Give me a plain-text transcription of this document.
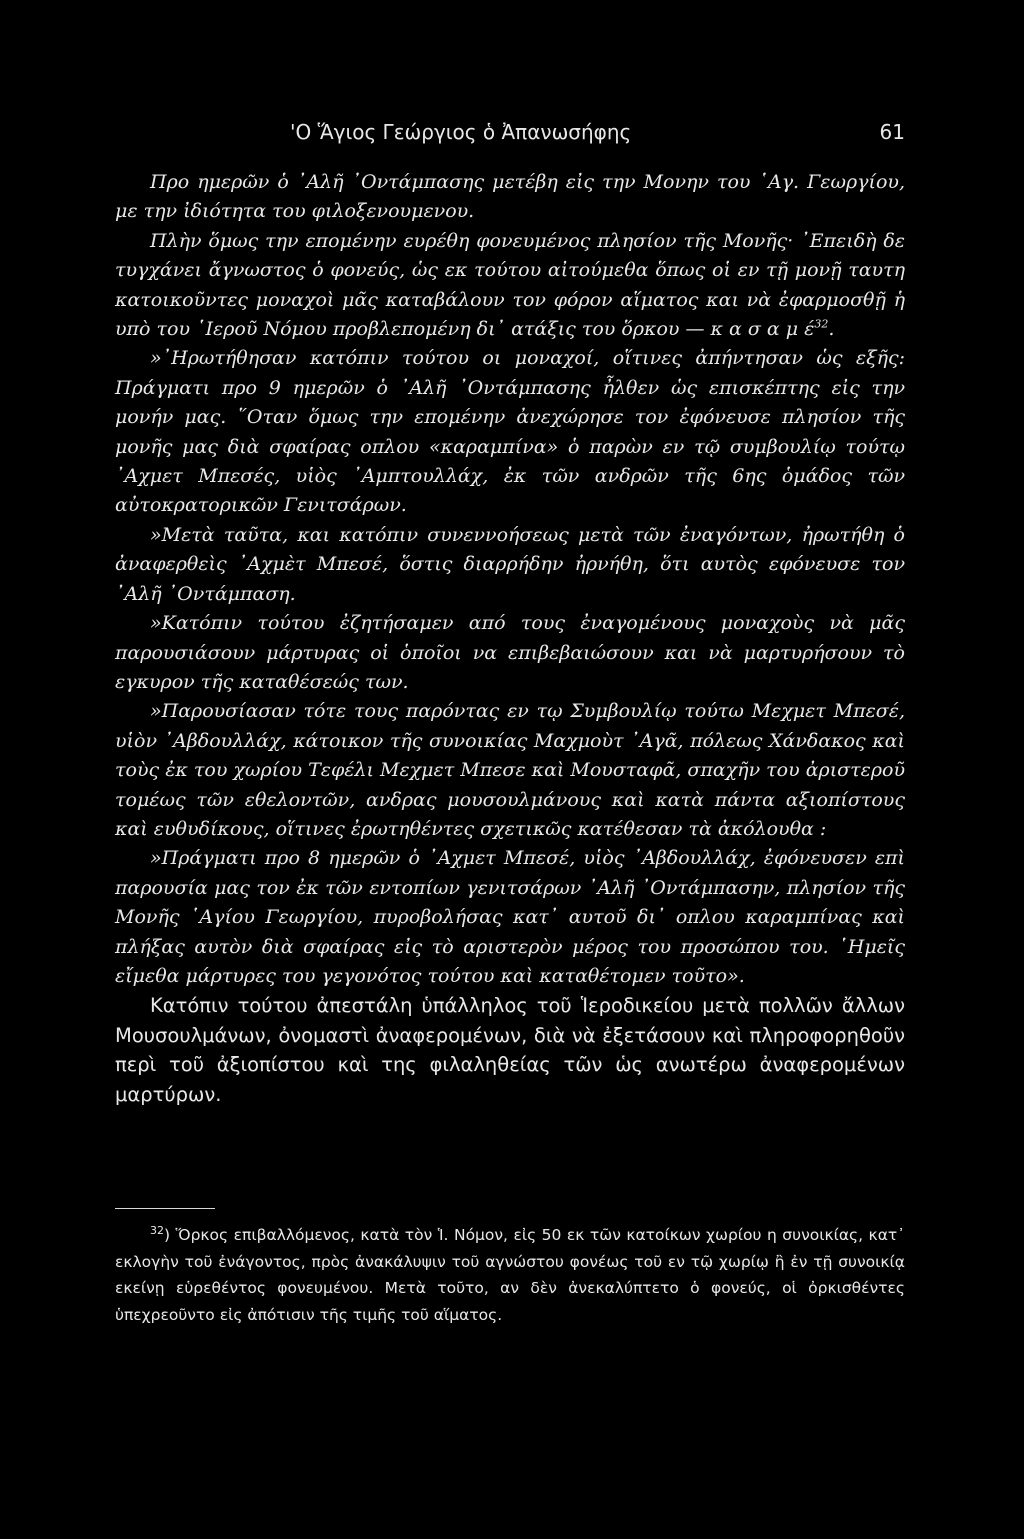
'Ο Ἅγιος Γεώργιος ὁ Ἀπανωσήφης	61

Προ ημερῶν ὁ ᾿Αλῆ ᾿Οντάμπασης μετέβη εἰς την Μονην του ῾Αγ. Γεωργίου, με την ἰδιότητα του φιλοξενουμενου.

Πλὴν ὅμως την επομένην ευρέθη φονευμένος πλησίον τῆς Μονῆς· ᾿Επειδὴ δε τυγχάνει ἄγνωστος ὁ φονεύς, ὡς εκ τούτου αἰτούμεθα ὅπως οἱ εν τῇ μονῇ ταυτη κατοικοῦντες μοναχοὶ μᾶς καταβάλουν τον φόρον αἵματος και νὰ ἐφαρμοσθῇ ἡ υπὸ του ῾Ιεροῦ Νόμου προβλεπομένη δι᾿ ατάξις του ὅρκου — κ α σ α μ $έ^{32}$.

»᾿Ηρωτήθησαν κατόπιν τούτου οι μοναχοί, οἵτινες ἀπήντησαν ὡς εξῆς: Πράγματι προ 9 ημερῶν ὁ ᾿Αλῆ ᾿Οντάμπασης ἦλθεν ὡς επισκέπτης εἰς την μονήν μας. ῞Οταν ὅμως την επομένην ἀνεχώρησε τον ἐφόνευσε πλησίον τῆς μονῆς μας διὰ σφαίρας οπλου «καραμπίνα» ὁ παρὼν εν τῷ συμβουλίῳ τούτῳ ᾿Αχμετ Μπεσές, υἱὸς ᾿Αμπτουλλάχ, ἐκ τῶν ανδρῶν τῆς 6ης ὁμάδος τῶν αὐτοκρατορικῶν Γενιτσάρων.

»Μετὰ ταῦτα, και κατόπιν συνεννοήσεως μετὰ τῶν ἐναγόντων, ἠρωτήθη ὁ ἀναφερθεὶς ᾿Αχμὲτ Μπεσέ, ὅστις διαρρήδην ἠρνήθη, ὅτι αυτὸς εφόνευσε τον ᾿Αλῆ ᾿Οντάμπαση.

»Κατόπιν τούτου ἐζητήσαμεν από τους ἐναγομένους μοναχοὺς νὰ μᾶς παρουσιάσουν μάρτυρας οἱ ὁποῖοι να επιβεβαιώσουν και νὰ μαρτυρήσουν τὸ εγκυρον τῆς καταθέσεώς των.

»Παρουσίασαν τότε τους παρόντας εν τῳ Συμβουλίῳ τούτω Μεχμετ Μπεσέ, υἱὸν ᾿Αβδουλλάχ, κάτοικον τῆς συνοικίας Μαχμοὺτ ᾿Αγᾶ, πόλεως Χάνδακος καὶ τοὺς ἐκ του χωρίου Τεφέλι Μεχμετ Μπεσε καὶ Μουσταφᾶ, σπαχῆν του ἀριστεροῦ τομέως τῶν εθελοντῶν, ανδρας μουσουλμάνους καὶ κατὰ πάντα αξιοπίστους καὶ ευθυδίκους, οἵτινες ἐρωτηθέντες σχετικῶς κατέθεσαν τὰ ἀκόλουθα :

»Πράγματι προ 8 ημερῶν ὁ ᾿Αχμετ Μπεσέ, υἱὸς ᾿Αβδουλλάχ, ἐφόνευσεν επὶ παρουσία μας τον ἐκ τῶν εντοπίων γενιτσάρων ᾿Αλῆ ᾿Οντάμπασην, πλησίον τῆς Μονῆς ῾Αγίου Γεωργίου, πυροβολήσας κατ᾿ αυτοῦ δι᾿ οπλου καραμπίνας καὶ πλήξας αυτὸν διὰ σφαίρας εἰς τὸ αριστερὸν μέρος του προσώπου του. ῾Ημεῖς εἴμεθα μάρτυρες του γεγονότος τούτου καὶ καταθέτομεν τοῦτο».

Κατόπιν τούτου ἀπεστάλη ὑπάλληλος τοῦ Ἱεροδικείου μετὰ πολλῶν ἄλλων Μουσουλμάνων, ὀνομαστὶ ἀναφερομένων, διὰ νὰ ἐξετάσουν καὶ πληροφορηθοῦν περὶ τοῦ ἀξιοπίστου καὶ της φιλαληθείας τῶν ὡς ανωτέρω ἀναφερομένων μαρτύρων.

$^{32}$) Ὅρκος επιβαλλόμενος, κατὰ τὸν Ἱ. Νόμον, εἰς 50 εκ τῶν κατοίκων χωρίου η συνοικίας, κατ᾿ εκλογὴν τοῦ ἐνάγοντος, πρὸς ἀνακάλυψιν τοῦ αγνώστου φονέως τοῦ εν τῷ χωρίῳ ἢ ἐν τῇ συνοικίᾳ εκείνῃ εὑρεθέντος φονευμένου. Μετὰ τοῦτο, αν δὲν ἀνεκαλύπτετο ὁ φονεύς, οἱ ὀρκισθέντες ὑπεχρεοῦντο εἰς ἀπότισιν τῆς τιμῆς τοῦ αἵματος.
